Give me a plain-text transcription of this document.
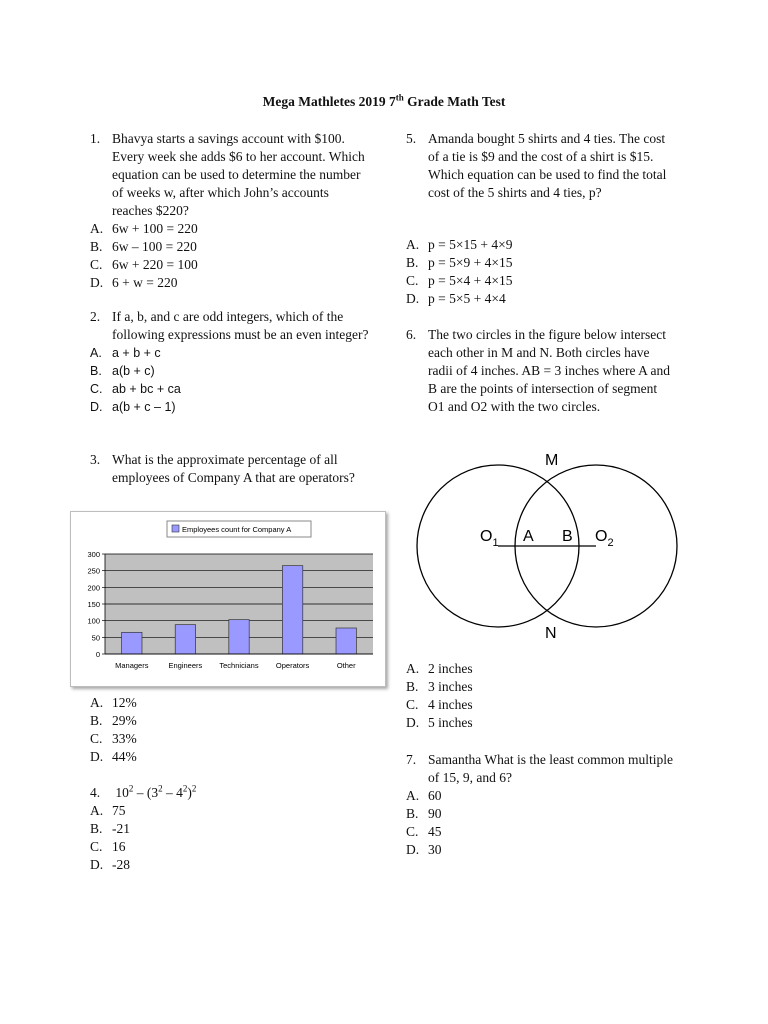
Mega Mathletes 2019 7th Grade Math Test
1. Bhavya starts a savings account with $100. Every week she adds $6 to her account. Which equation can be used to determine the number of weeks w, after which John’s accounts reaches $220?
A. 6w + 100 = 220
B. 6w – 100 = 220
C. 6w + 220 = 100
D. 6 + w = 220
2. If a, b, and c are odd integers, which of the following expressions must be an even integer?
A. a + b + c
B. a(b + c)
C. ab + bc + ca
D. a(b + c – 1)
3. What is the approximate percentage of all employees of Company A that are operators?
Employees count for Company A
0
50
100
150
200
250
300
Managers	Engineers Technicians Operators	Other
A. 12%
B. 29%
C. 33%
D. 44%
4.	$10^2 - (3^2 - 4^2)^2$
A. 75
B. -21
C. 16
D. -28
5. Amanda bought 5 shirts and 4 ties. The cost of a tie is $9 and the cost of a shirt is $15. Which equation can be used to find the total cost of the 5 shirts and 4 ties, p?
A. p = 5×15 + 4×9
B. p = 5×9 + 4×15
C. p = 5×4 + 4×15
D. p = 5×5 + 4×4
6. The two circles in the figure below intersect each other in M and N. Both circles have radii of 4 inches. AB = 3 inches where A and B are the points of intersection of segment O1 and O2 with the two circles.
M
N
$O_1$	$O_2$
A B
A. 2 inches
B. 3 inches
C. 4 inches
D. 5 inches
7. Samantha What is the least common multiple of 15, 9, and 6?
A. 60
B. 90
C. 45
D. 30
